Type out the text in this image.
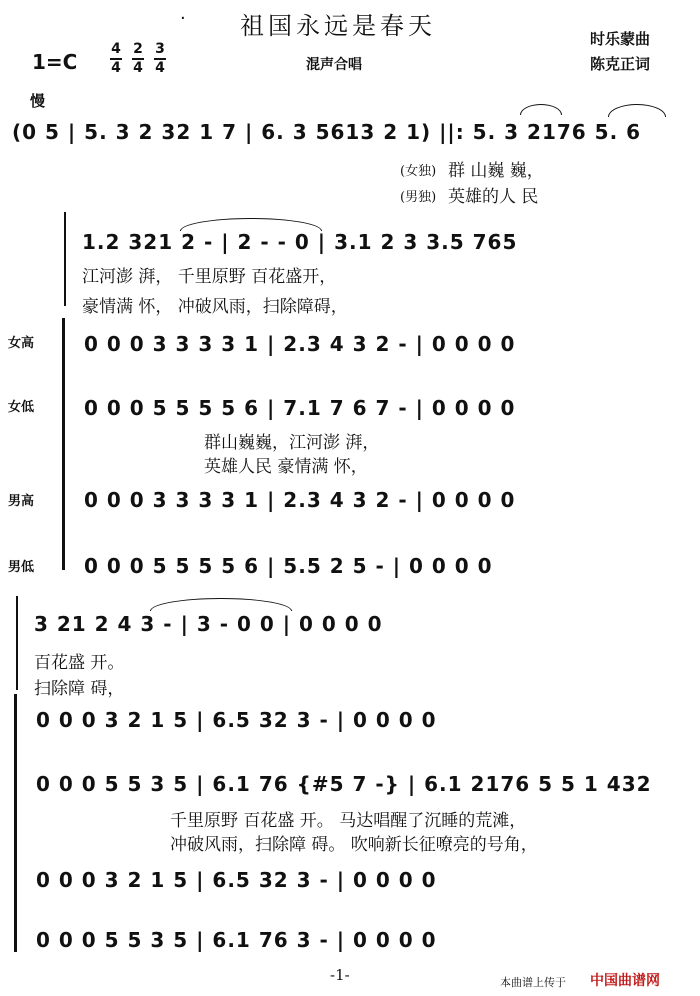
· 祖国永远是春天	时乐蒙曲
陈克正词
1=C
4
4
2
4
3
4	混声合唱
慢
(0 5 | 5. 3 2 32 1 7 | 6. 3 5613 2 1) ||: 5. 3 2176 5. 6
(女独) 群 山巍 巍，
(男独) 英雄的人 民
1.2 321 2 - | 2 - - 0 | 3.1 2 3 3.5 765
江河澎 湃， 千里原野 百花盛开，
豪情满 怀， 冲破风雨，扫除障碍，
女高 0 0 0 3 3 3 3 1 | 2.3 4 3 2 - | 0 0 0 0
女低 0 0 0 5 5 5 5 6 | 7.1 7 6 7 - | 0 0 0 0
群山巍巍，江河澎 湃，
英雄人民 豪情满 怀，
男高 0 0 0 3 3 3 3 1 | 2.3 4 3 2 - | 0 0 0 0
男低 0 0 0 5 5 5 5 6 | 5.5 2 5 - | 0 0 0 0
3 21 2 4 3 - | 3 - 0 0 | 0 0 0 0
百花盛 开。
扫除障 碍，
0 0 0 3 2 1 5 | 6.5 32 3 - | 0 0 0 0
0 0 0 5 5 3 5 | 6.1 76 {#5 7 -} | 6.1 2176 5 5 1 432
千里原野 百花盛 开。 马达唱醒了沉睡的荒滩，
冲破风雨，扫除障 碍。 吹响新长征嘹亮的号角，
0 0 0 3 2 1 5 | 6.5 32 3 - | 0 0 0 0
0 0 0 5 5 3 5 | 6.1 76 3 - | 0 0 0 0
-1-	本曲谱上传于 中国曲谱网
